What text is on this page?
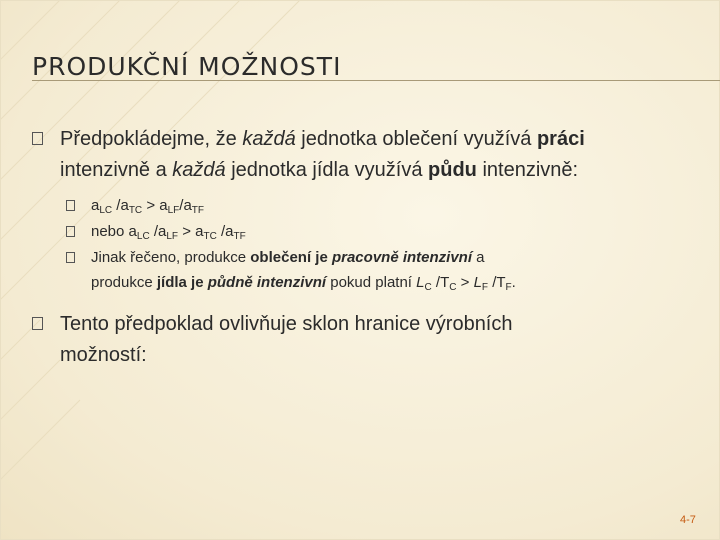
PRODUKČNÍ MOŽNOSTI
Předpokládejme, že každá jednotka oblečení využívá práci
intenzivně a každá jednotka jídla využívá půdu intenzivně:
$a_{LC}$ $/a_{TC} > a_{LF}/a_{TF}$
nebo $a_{LC}$ $/a_{LF} > a_{TC}$ $/a_{TF}$
Jinak řečeno, produkce oblečení je pracovně intenzivní a
produkce jídla je půdně intenzivní pokud platní $L_C$ $/T_C > L_F$ $/T_F$.
Tento předpoklad ovlivňuje sklon hranice výrobních
možností:
4-7
